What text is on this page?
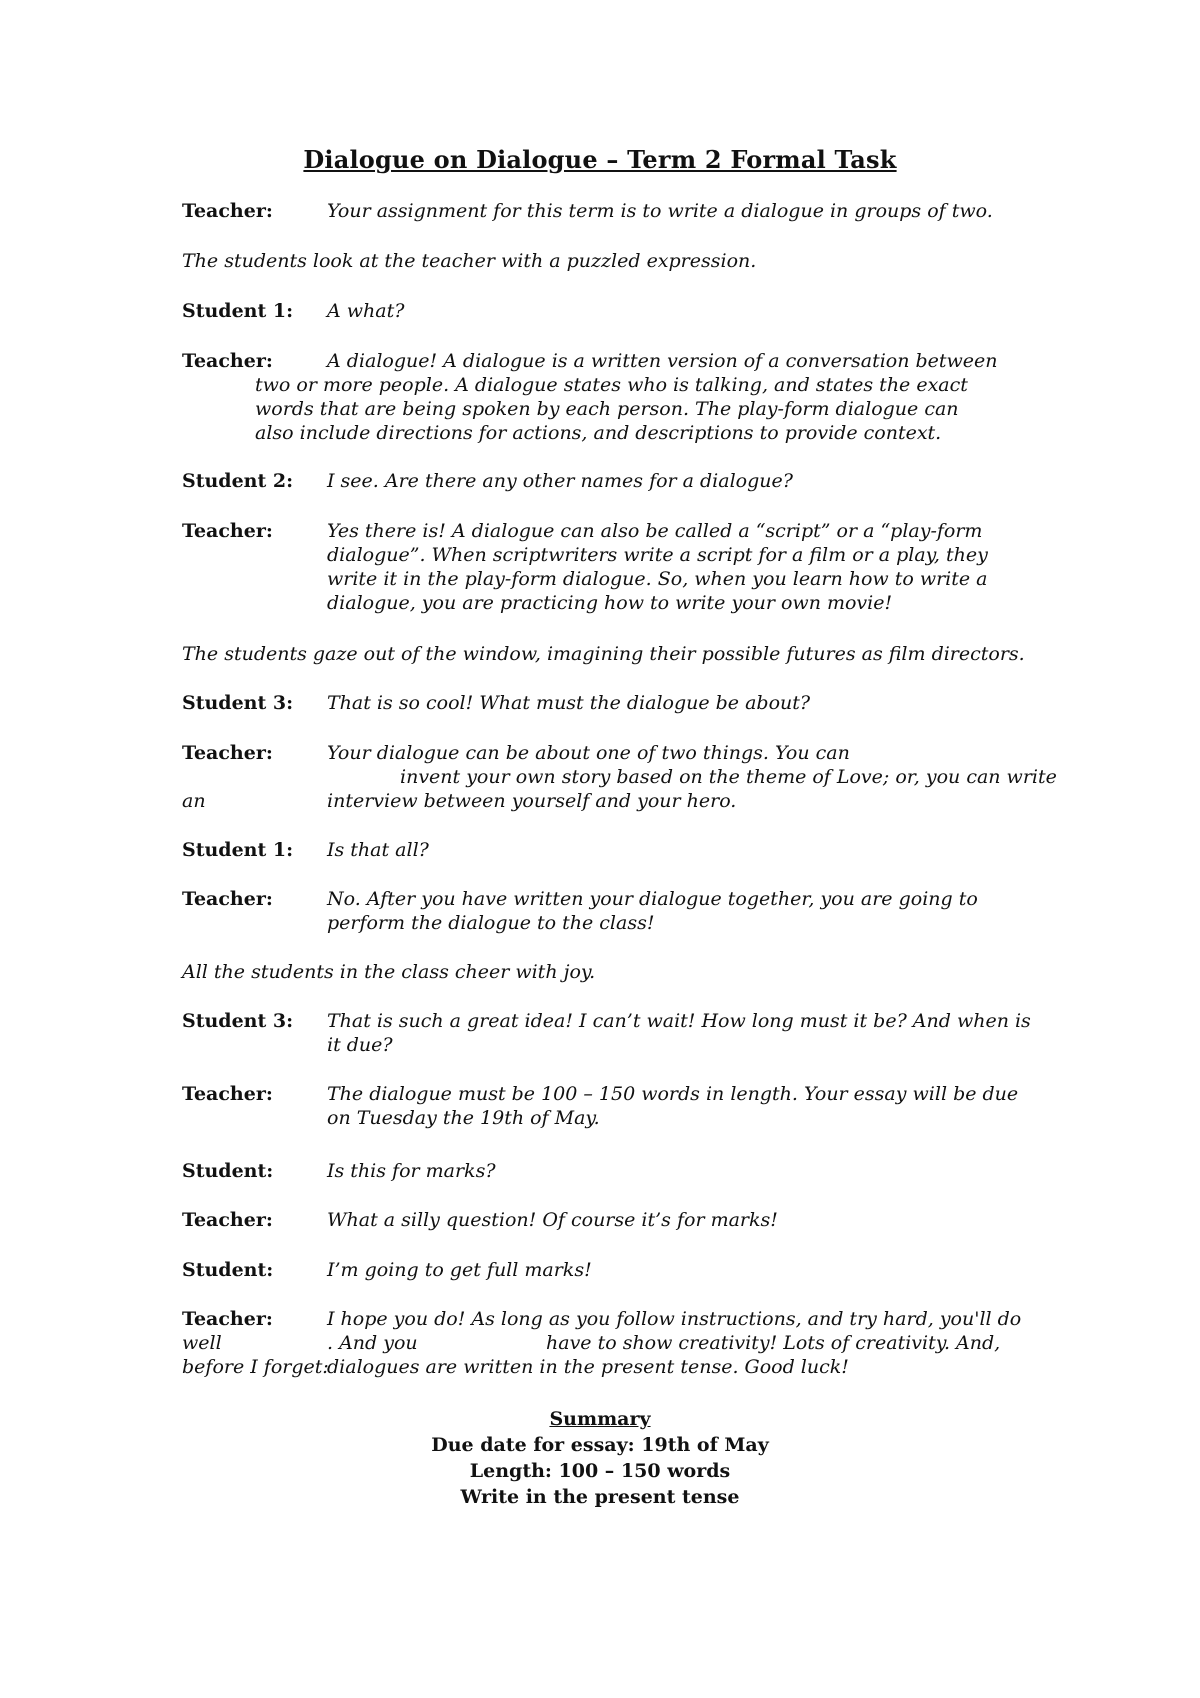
Dialogue on Dialogue – Term 2 Formal Task
Teacher:	Your assignment for this term is to write a dialogue in groups of two.
The students look at the teacher with a puzzled expression.
Student 1: A what?
Teacher:	A dialogue! A dialogue is a written version of a conversation between
two or more people. A dialogue states who is talking, and states the exact
words that are being spoken by each person. The play-form dialogue can
also include directions for actions, and descriptions to provide context.
Student 2: I see. Are there any other names for a dialogue?
Teacher:	Yes there is! A dialogue can also be called a “script” or a “play-form
dialogue”. When scriptwriters write a script for a film or a play, they
write it in the play-form dialogue. So, when you learn how to write a
dialogue, you are practicing how to write your own movie!
The students gaze out of the window, imagining their possible futures as film directors.
Student 3: That is so cool! What must the dialogue be about?
Teacher:	Your dialogue can be about one of two things. You can
invent your own story based on the theme of Love; or, you can write
an	interview between yourself and your hero.
Student 1: Is that all?
Teacher:	No. After you have written your dialogue together, you are going to
perform the dialogue to the class!
All the students in the class cheer with joy.
Student 3: That is such a great idea! I can’t wait! How long must it be? And when is
it due?
Teacher:	The dialogue must be 100 – 150 words in length. Your essay will be due
on Tuesday the 19th of May.
Student:	Is this for marks?
Teacher:	What a silly question! Of course it’s for marks!
Student:	I’m going to get full marks!
Teacher:	I hope you do! As long as you follow instructions, and try hard, you'll do
well	. And you	have to show creativity! Lots of creativity. And,
before I forget:
dialogues are written in the present tense. Good luck!
Summary
Due date for essay: 19th of May
Length: 100 – 150 words
Write in the present tense
